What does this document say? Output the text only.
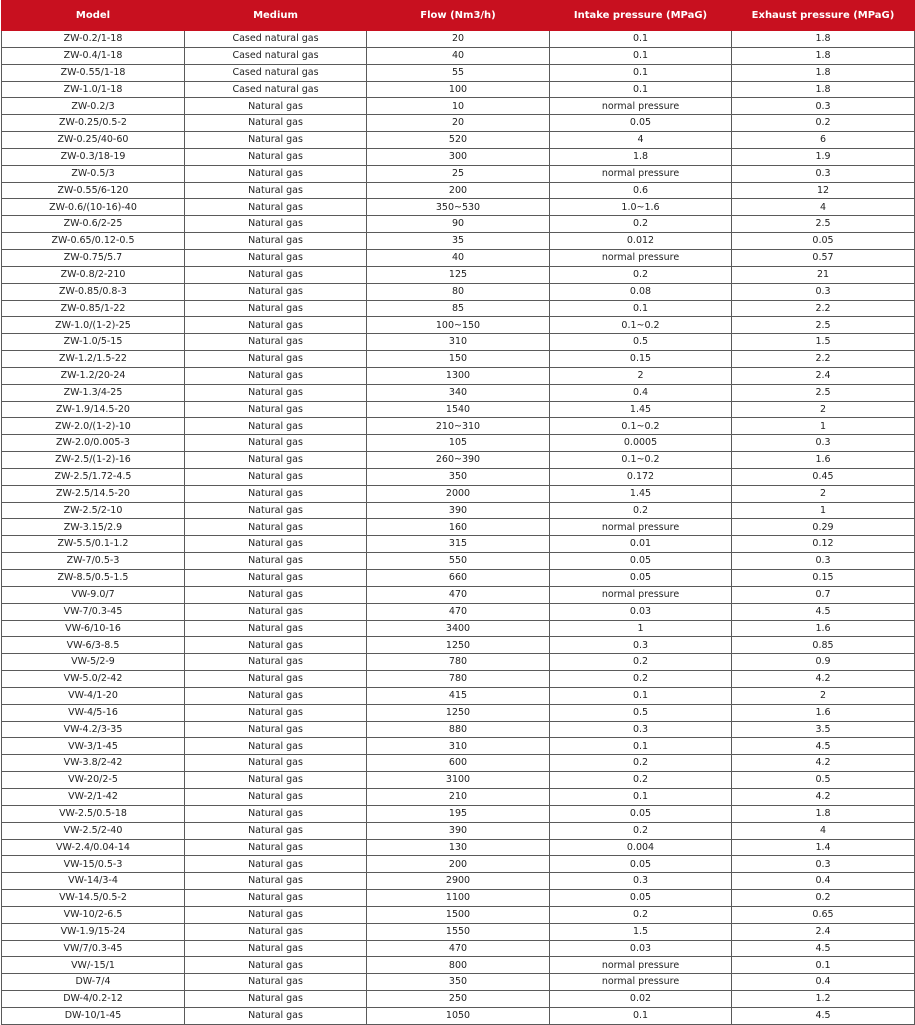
Model	Medium	Flow (Nm3/h)	Intake pressure (MPaG)	Exhaust pressure (MPaG)
ZW-0.2/1-18	Cased natural gas	20	0.1	1.8
ZW-0.4/1-18	Cased natural gas	40	0.1	1.8
ZW-0.55/1-18	Cased natural gas	55	0.1	1.8
ZW-1.0/1-18	Cased natural gas	100	0.1	1.8
ZW-0.2/3	Natural gas	10	normal pressure	0.3
ZW-0.25/0.5-2	Natural gas	20	0.05	0.2
ZW-0.25/40-60	Natural gas	520	4	6
ZW-0.3/18-19	Natural gas	300	1.8	1.9
ZW-0.5/3	Natural gas	25	normal pressure	0.3
ZW-0.55/6-120	Natural gas	200	0.6	12
ZW-0.6/(10-16)-40	Natural gas	350~530	1.0~1.6	4
ZW-0.6/2-25	Natural gas	90	0.2	2.5
ZW-0.65/0.12-0.5	Natural gas	35	0.012	0.05
ZW-0.75/5.7	Natural gas	40	normal pressure	0.57
ZW-0.8/2-210	Natural gas	125	0.2	21
ZW-0.85/0.8-3	Natural gas	80	0.08	0.3
ZW-0.85/1-22	Natural gas	85	0.1	2.2
ZW-1.0/(1-2)-25	Natural gas	100~150	0.1~0.2	2.5
ZW-1.0/5-15	Natural gas	310	0.5	1.5
ZW-1.2/1.5-22	Natural gas	150	0.15	2.2
ZW-1.2/20-24	Natural gas	1300	2	2.4
ZW-1.3/4-25	Natural gas	340	0.4	2.5
ZW-1.9/14.5-20	Natural gas	1540	1.45	2
ZW-2.0/(1-2)-10	Natural gas	210~310	0.1~0.2	1
ZW-2.0/0.005-3	Natural gas	105	0.0005	0.3
ZW-2.5/(1-2)-16	Natural gas	260~390	0.1~0.2	1.6
ZW-2.5/1.72-4.5	Natural gas	350	0.172	0.45
ZW-2.5/14.5-20	Natural gas	2000	1.45	2
ZW-2.5/2-10	Natural gas	390	0.2	1
ZW-3.15/2.9	Natural gas	160	normal pressure	0.29
ZW-5.5/0.1-1.2	Natural gas	315	0.01	0.12
ZW-7/0.5-3	Natural gas	550	0.05	0.3
ZW-8.5/0.5-1.5	Natural gas	660	0.05	0.15
VW-9.0/7	Natural gas	470	normal pressure	0.7
VW-7/0.3-45	Natural gas	470	0.03	4.5
VW-6/10-16	Natural gas	3400	1	1.6
VW-6/3-8.5	Natural gas	1250	0.3	0.85
VW-5/2-9	Natural gas	780	0.2	0.9
VW-5.0/2-42	Natural gas	780	0.2	4.2
VW-4/1-20	Natural gas	415	0.1	2
VW-4/5-16	Natural gas	1250	0.5	1.6
VW-4.2/3-35	Natural gas	880	0.3	3.5
VW-3/1-45	Natural gas	310	0.1	4.5
VW-3.8/2-42	Natural gas	600	0.2	4.2
VW-20/2-5	Natural gas	3100	0.2	0.5
VW-2/1-42	Natural gas	210	0.1	4.2
VW-2.5/0.5-18	Natural gas	195	0.05	1.8
VW-2.5/2-40	Natural gas	390	0.2	4
VW-2.4/0.04-14	Natural gas	130	0.004	1.4
VW-15/0.5-3	Natural gas	200	0.05	0.3
VW-14/3-4	Natural gas	2900	0.3	0.4
VW-14.5/0.5-2	Natural gas	1100	0.05	0.2
VW-10/2-6.5	Natural gas	1500	0.2	0.65
VW-1.9/15-24	Natural gas	1550	1.5	2.4
VW/7/0.3-45	Natural gas	470	0.03	4.5
VW/-15/1	Natural gas	800	normal pressure	0.1
DW-7/4	Natural gas	350	normal pressure	0.4
DW-4/0.2-12	Natural gas	250	0.02	1.2
DW-10/1-45	Natural gas	1050	0.1	4.5
